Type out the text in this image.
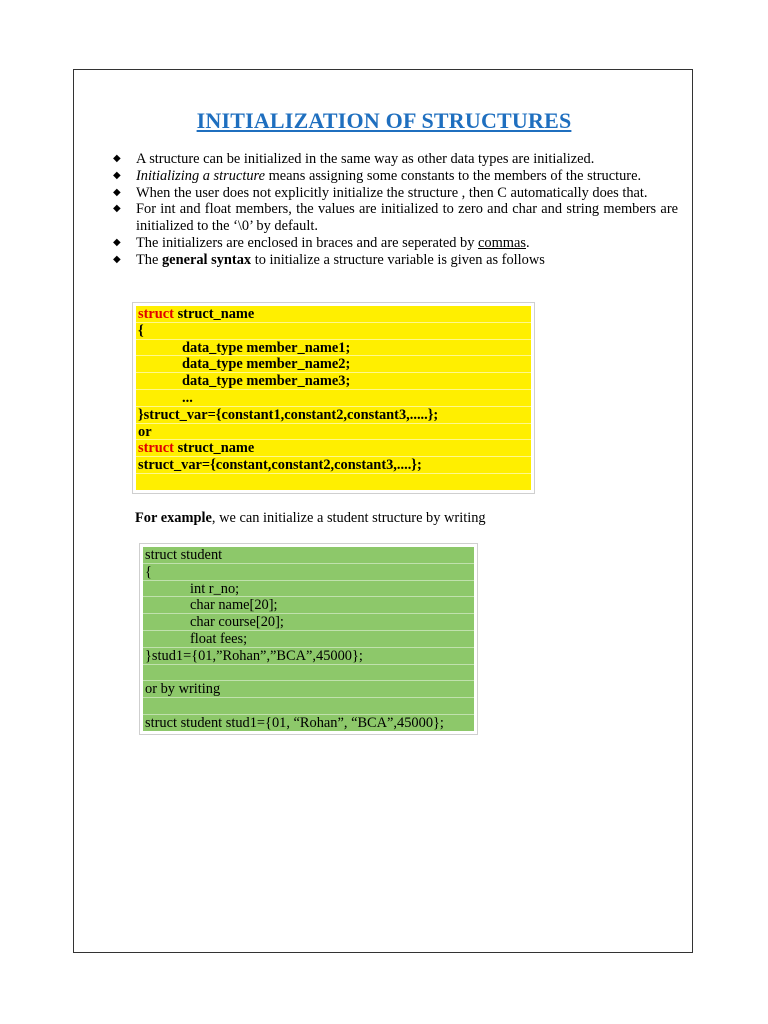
INITIALIZATION OF STRUCTURES
◆ A structure can be initialized in the same way as other data types are initialized.
◆ Initializing a structure means assigning some constants to the members of the structure.
◆ When the user does not explicitly initialize the structure , then C automatically does that.
◆ For int and float members, the values are initialized to zero and char and string members are initialized to the ‘\0’ by default.
◆ The initializers are enclosed in braces and are seperated by commas.
◆ The general syntax to initialize a structure variable is given as follows
struct struct_name
{
data_type member_name1;
data_type member_name2;
data_type member_name3;
...
}struct_var={constant1,constant2,constant3,.....};
or
struct struct_name
struct_var={constant,constant2,constant3,....};
For example, we can initialize a student structure by writing
struct student
{
int r_no;
char name[20];
char course[20];
float fees;
}stud1={01,”Rohan”,”BCA”,45000};
or by writing
struct student stud1={01, “Rohan”, “BCA”,45000};
